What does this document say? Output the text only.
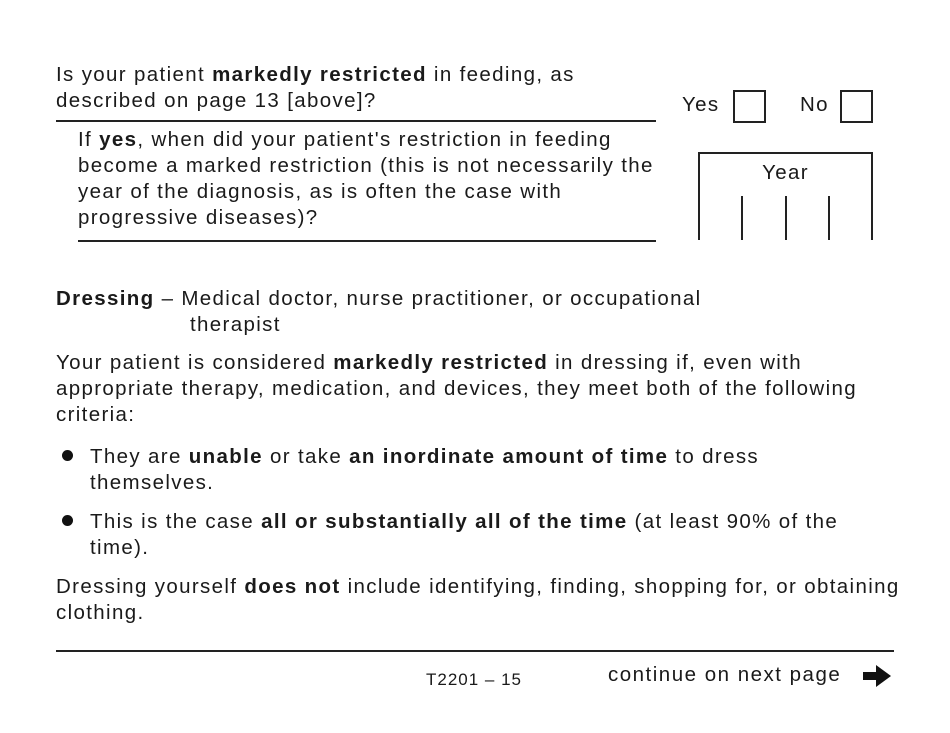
Is your patient markedly restricted in feeding, as described on page 13 [above]?	Yes	No
If yes, when did your patient's restriction in feeding become a marked restriction (this is not necessarily the year of the diagnosis, as is often the case with progressive diseases)?
Year
Dressing – Medical doctor, nurse practitioner, or occupational
therapist
Your patient is considered markedly restricted in dressing if, even with appropriate therapy, medication, and devices, they meet both of the following criteria:
They are unable or take an inordinate amount of time to dress themselves.
This is the case all or substantially all of the time (at least 90% of the time).
Dressing yourself does not include identifying, finding, shopping for, or obtaining clothing.
T2201 – 15	continue on next page
